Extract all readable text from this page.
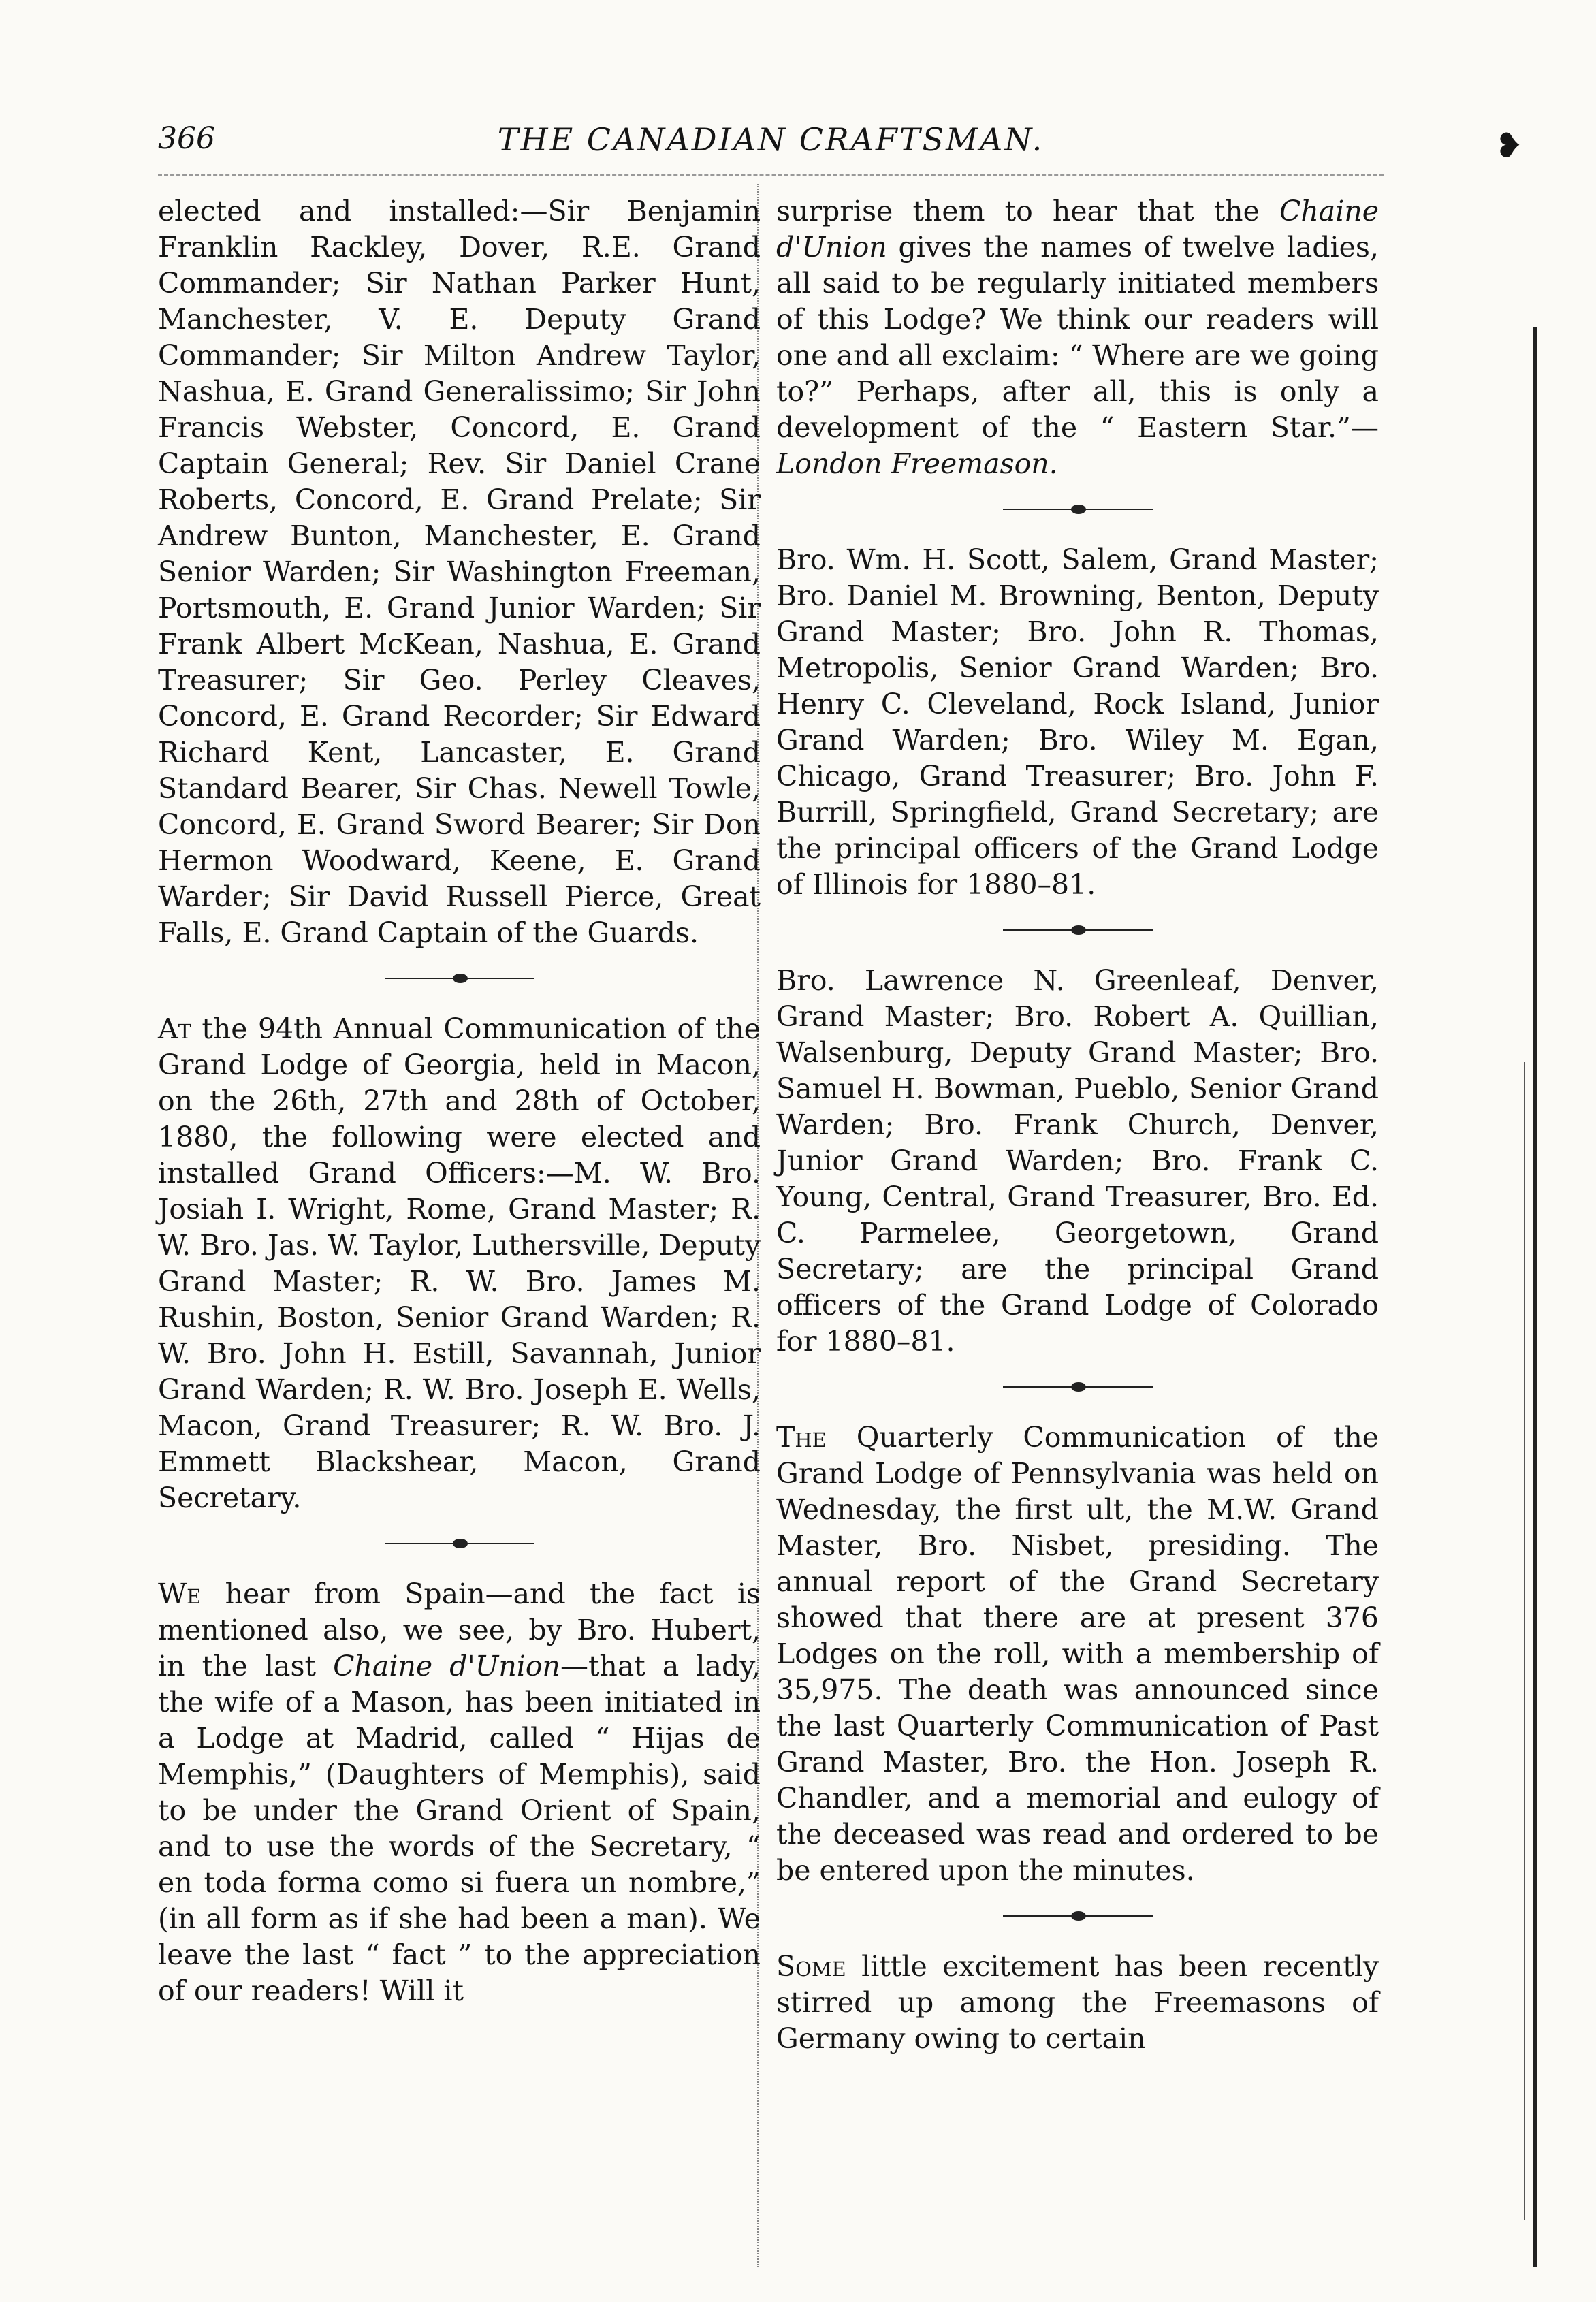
366	THE CANADIAN CRAFTSMAN.	❥

elected and installed:—Sir Benjamin Franklin Rackley, Dover, R.E. Grand Commander; Sir Nathan Parker Hunt, Manchester, V. E. Deputy Grand Commander; Sir Milton Andrew Taylor, Nashua, E. Grand Generalissimo; Sir John Francis Webster, Concord, E. Grand Captain General; Rev. Sir Daniel Crane Roberts, Concord, E. Grand Prelate; Sir Andrew Bunton, Manchester, E. Grand Senior Warden; Sir Washington Freeman, Portsmouth, E. Grand Junior Warden; Sir Frank Albert McKean, Nashua, E. Grand Treasurer; Sir Geo. Perley Cleaves, Concord, E. Grand Recorder; Sir Edward Richard Kent, Lancaster, E. Grand Standard Bearer, Sir Chas. Newell Towle, Concord, E. Grand Sword Bearer; Sir Don Hermon Woodward, Keene, E. Grand Warder; Sir David Russell Pierce, Great Falls, E. Grand Captain of the Guards.

At the 94th Annual Communication of the Grand Lodge of Georgia, held in Macon, on the 26th, 27th and 28th of October, 1880, the following were elected and installed Grand Officers:—M. W. Bro. Josiah I. Wright, Rome, Grand Master; R. W. Bro. Jas. W. Taylor, Luthersville, Deputy Grand Master; R. W. Bro. James M. Rushin, Boston, Senior Grand Warden; R. W. Bro. John H. Estill, Savannah, Junior Grand Warden; R. W. Bro. Joseph E. Wells, Macon, Grand Treasurer; R. W. Bro. J. Emmett Blackshear, Macon, Grand Secretary.

We hear from Spain—and the fact is mentioned also, we see, by Bro. Hubert, in the last Chaine d'Union—that a lady, the wife of a Mason, has been initiated in a Lodge at Madrid, called “ Hijas de Memphis,” (Daughters of Memphis), said to be under the Grand Orient of Spain, and to use the words of the Secretary, “ en toda forma como si fuera un nombre,” (in all form as if she had been a man). We leave the last “ fact ” to the appreciation of our readers! Will it

surprise them to hear that the Chaine d'Union gives the names of twelve ladies, all said to be regularly initiated members of this Lodge? We think our readers will one and all exclaim: “ Where are we going to?” Perhaps, after all, this is only a development of the “ Eastern Star.”—London Freemason.

Bro. Wm. H. Scott, Salem, Grand Master; Bro. Daniel M. Browning, Benton, Deputy Grand Master; Bro. John R. Thomas, Metropolis, Senior Grand Warden; Bro. Henry C. Cleveland, Rock Island, Junior Grand Warden; Bro. Wiley M. Egan, Chicago, Grand Treasurer; Bro. John F. Burrill, Springfield, Grand Secretary; are the principal officers of the Grand Lodge of Illinois for 1880–81.

Bro. Lawrence N. Greenleaf, Denver, Grand Master; Bro. Robert A. Quillian, Walsenburg, Deputy Grand Master; Bro. Samuel H. Bowman, Pueblo, Senior Grand Warden; Bro. Frank Church, Denver, Junior Grand Warden; Bro. Frank C. Young, Central, Grand Treasurer, Bro. Ed. C. Parmelee, Georgetown, Grand Secretary; are the principal Grand officers of the Grand Lodge of Colorado for 1880–81.

The Quarterly Communication of the Grand Lodge of Pennsylvania was held on Wednesday, the first ult, the M.W. Grand Master, Bro. Nisbet, presiding. The annual report of the Grand Secretary showed that there are at present 376 Lodges on the roll, with a membership of 35,975. The death was announced since the last Quarterly Communication of Past Grand Master, Bro. the Hon. Joseph R. Chandler, and a memorial and eulogy of the deceased was read and ordered to be be entered upon the minutes.

Some little excitement has been recently stirred up among the Freemasons of Germany owing to certain
